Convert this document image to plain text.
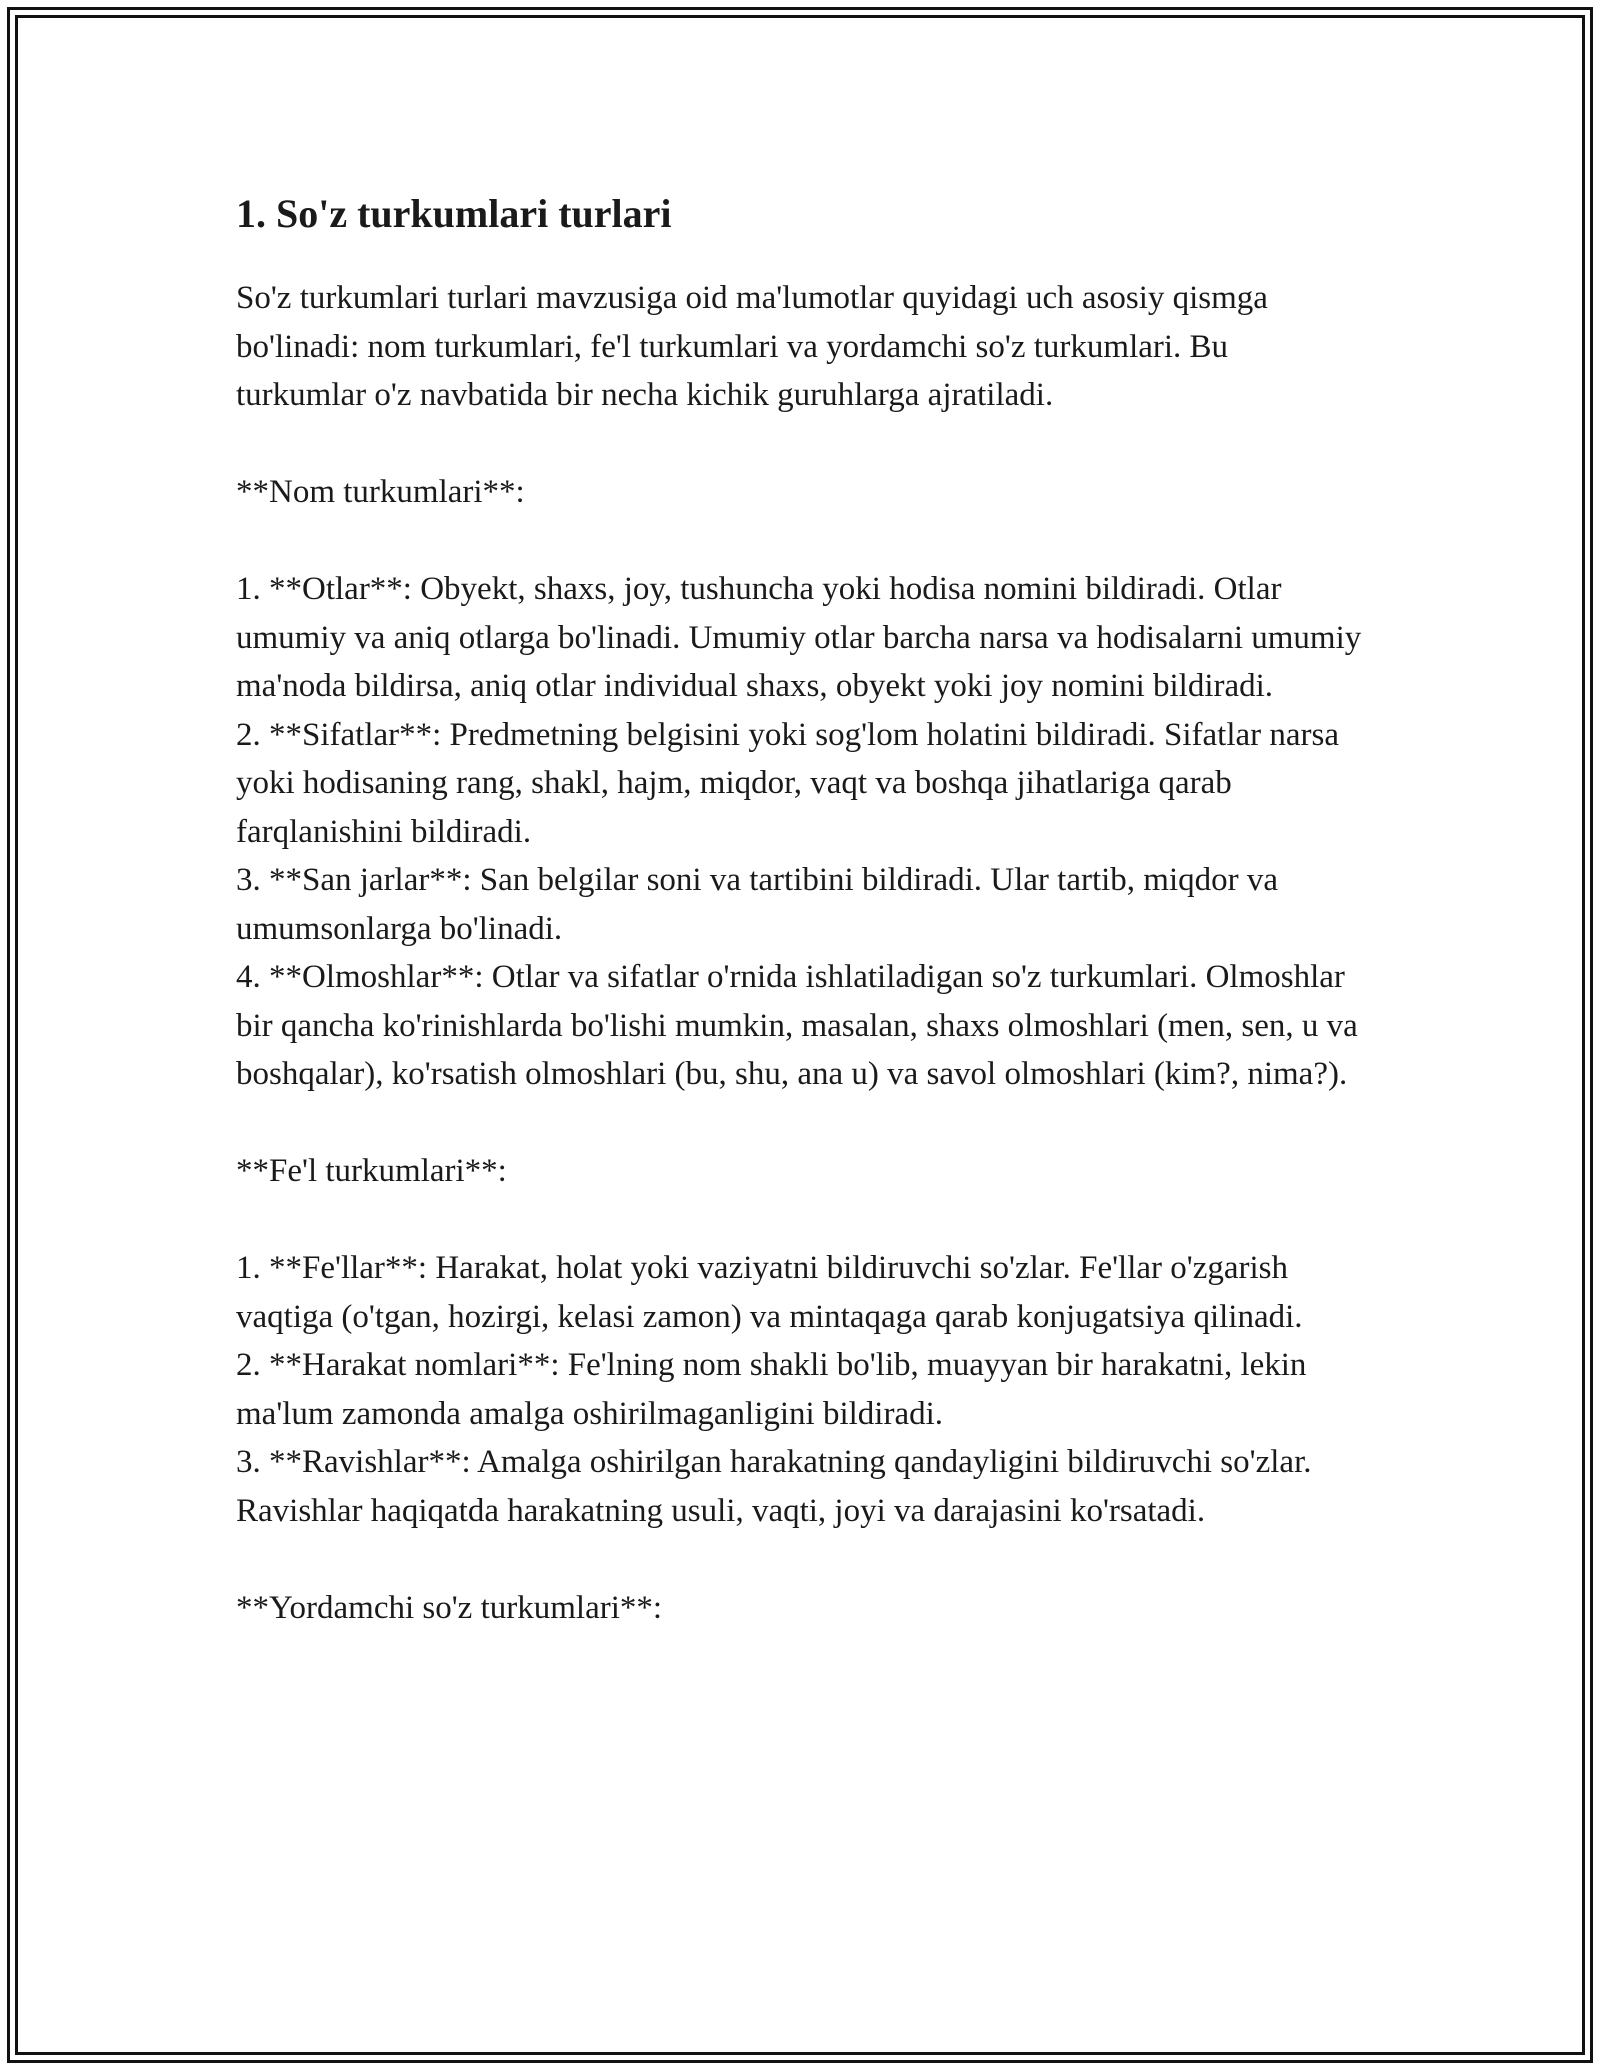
1. So'z turkumlari turlari

So'z turkumlari turlari mavzusiga oid ma'lumotlar quyidagi uch asosiy qismga bo'linadi: nom turkumlari, fe'l turkumlari va yordamchi so'z turkumlari. Bu turkumlar o'z navbatida bir necha kichik guruhlarga ajratiladi.

**Nom turkumlari**:

1. **Otlar**: Obyekt, shaxs, joy, tushuncha yoki hodisa nomini bildiradi. Otlar umumiy va aniq otlarga bo'linadi. Umumiy otlar barcha narsa va hodisalarni umumiy ma'noda bildirsa, aniq otlar individual shaxs, obyekt yoki joy nomini bildiradi.

2. **Sifatlar**: Predmetning belgisini yoki sog'lom holatini bildiradi. Sifatlar narsa yoki hodisaning rang, shakl, hajm, miqdor, vaqt va boshqa jihatlariga qarab farqlanishini bildiradi.

3. **San jarlar**: San belgilar soni va tartibini bildiradi. Ular tartib, miqdor va umumsonlarga bo'linadi.

4. **Olmoshlar**: Otlar va sifatlar o'rnida ishlatiladigan so'z turkumlari. Olmoshlar bir qancha ko'rinishlarda bo'lishi mumkin, masalan, shaxs olmoshlari (men, sen, u va boshqalar), ko'rsatish olmoshlari (bu, shu, ana u) va savol olmoshlari (kim?, nima?).

**Fe'l turkumlari**:

1. **Fe'llar**: Harakat, holat yoki vaziyatni bildiruvchi so'zlar. Fe'llar o'zgarish vaqtiga (o'tgan, hozirgi, kelasi zamon) va mintaqaga qarab konjugatsiya qilinadi.

2. **Harakat nomlari**: Fe'lning nom shakli bo'lib, muayyan bir harakatni, lekin ma'lum zamonda amalga oshirilmaganligini bildiradi.

3. **Ravishlar**: Amalga oshirilgan harakatning qandayligini bildiruvchi so'zlar. Ravishlar haqiqatda harakatning usuli, vaqti, joyi va darajasini ko'rsatadi.

**Yordamchi so'z turkumlari**:
